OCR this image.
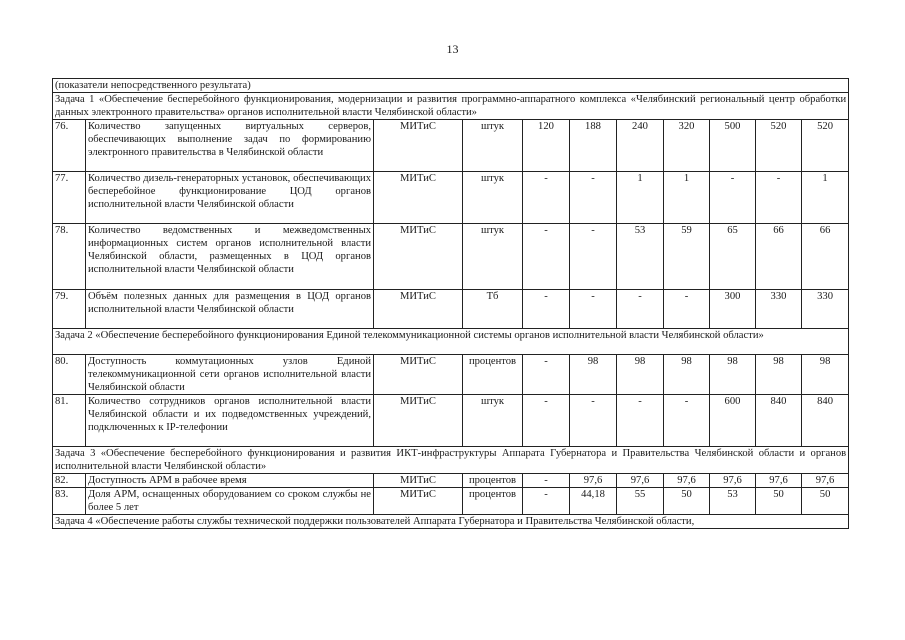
13
(показатели непосредственного результата)										
Задача 1 «Обеспечение бесперебойного функционирования, модернизации и развития программно-аппаратного комплекса «Челябинский региональный центр обработки данных электронного правительства» органов исполнительной власти Челябинской области»										
76.	Количество запущенных виртуальных серверов, обеспечивающих выполнение задач по формированию электронного правительства в Челябинской области	МИТиС	штук	120	188	240	320	500	520	520
77.	Количество дизель-генераторных установок, обеспечивающих бесперебойное функционирование ЦОД органов исполнительной власти Челябинской области	МИТиС	штук	-	-	1	1	-	-	1
78.	Количество ведомственных и межведомственных информационных систем органов исполнительной власти Челябинской области, размещенных в ЦОД органов исполнительной власти Челябинской области	МИТиС	штук	-	-	53	59	65	66	66
79.	Объём полезных данных для размещения в ЦОД органов исполнительной власти Челябинской области	МИТиС	Тб	-	-	-	-	300	330	330
Задача 2 «Обеспечение бесперебойного функционирования Единой телекоммуникационной системы органов исполнительной власти Челябинской области»										
80.	Доступность коммутационных узлов Единой телекоммуникационной сети органов исполнительной власти Челябинской области	МИТиС	процентов	-	98	98	98	98	98	98
81.	Количество сотрудников органов исполнительной власти Челябинской области и их подведомственных учреждений, подключенных к IP-телефонии	МИТиС	штук	-	-	-	-	600	840	840
Задача 3 «Обеспечение бесперебойного функционирования и развития ИКТ-инфраструктуры Аппарата Губернатора и Правительства Челябинской области и органов исполнительной власти Челябинской области»										
82.	Доступность АРМ в рабочее время	МИТиС	процентов	-	97,6	97,6	97,6	97,6	97,6	97,6
83.	Доля АРМ, оснащенных оборудованием со сроком службы не более 5 лет	МИТиС	процентов	-	44,18	55	50	53	50	50
Задача 4 «Обеспечение работы службы технической поддержки пользователей Аппарата Губернатора и Правительства Челябинской области,										
